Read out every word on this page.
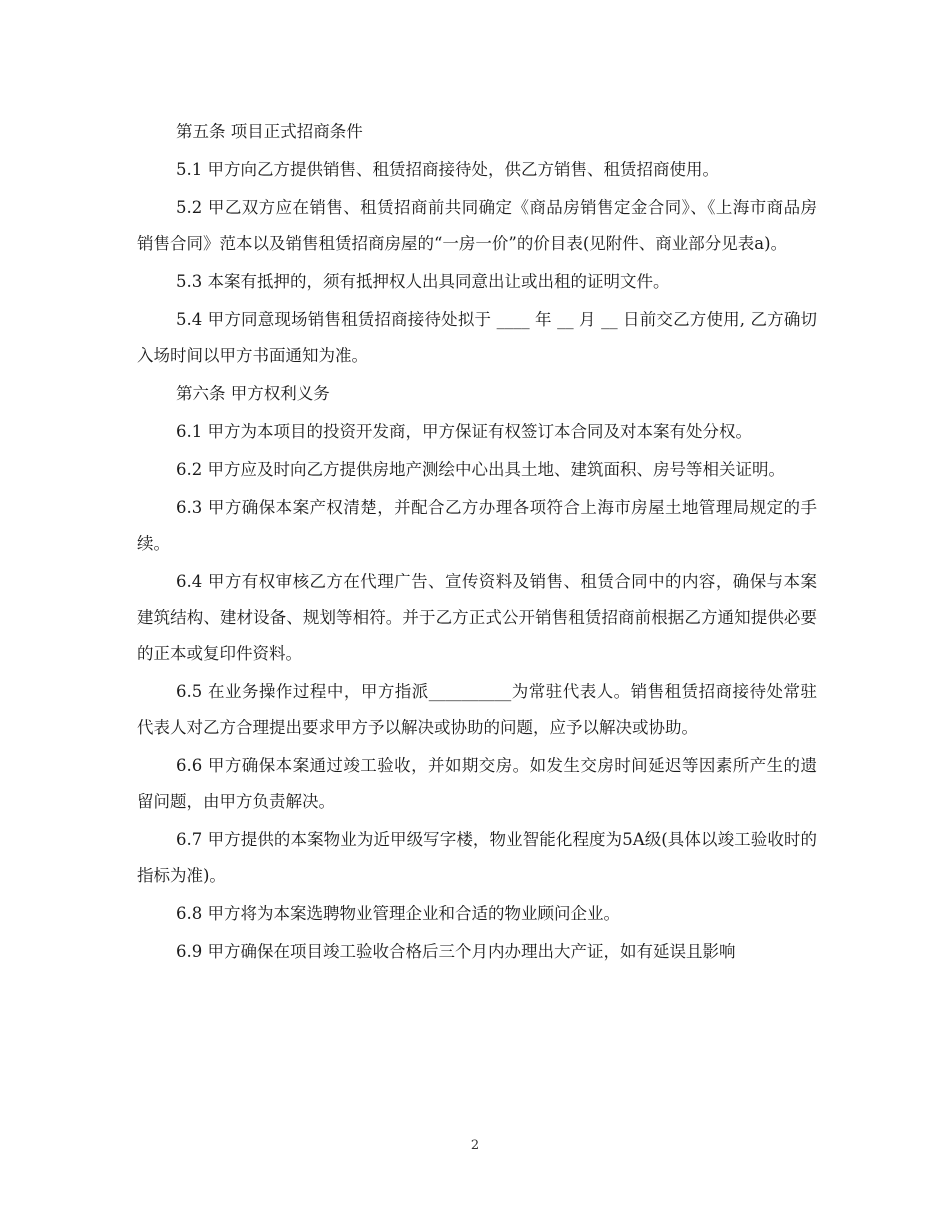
第五条 项目正式招商条件

5.1 甲方向乙方提供销售、租赁招商接待处，供乙方销售、租赁招商使用。

5.2 甲乙双方应在销售、租赁招商前共同确定《商品房销售定金合同》、《上海市商品房销售合同》范本以及销售租赁招商房屋的“一房一价”的价目表(见附件、商业部分见表a)。

5.3 本案有抵押的，须有抵押权人出具同意出让或出租的证明文件。

5.4 甲方同意现场销售租赁招商接待处拟于 ____ 年 __ 月 __ 日前交乙方使用, 乙方确切入场时间以甲方书面通知为准。

第六条 甲方权利义务

6.1 甲方为本项目的投资开发商，甲方保证有权签订本合同及对本案有处分权。

6.2 甲方应及时向乙方提供房地产测绘中心出具土地、建筑面积、房号等相关证明。

6.3 甲方确保本案产权清楚，并配合乙方办理各项符合上海市房屋土地管理局规定的手续。

6.4 甲方有权审核乙方在代理广告、宣传资料及销售、租赁合同中的内容，确保与本案建筑结构、建材设备、规划等相符。并于乙方正式公开销售租赁招商前根据乙方通知提供必要的正本或复印件资料。

6.5 在业务操作过程中，甲方指派__________为常驻代表人。销售租赁招商接待处常驻代表人对乙方合理提出要求甲方予以解决或协助的问题，应予以解决或协助。

6.6 甲方确保本案通过竣工验收，并如期交房。如发生交房时间延迟等因素所产生的遗留问题，由甲方负责解决。

6.7 甲方提供的本案物业为近甲级写字楼，物业智能化程度为5A级(具体以竣工验收时的指标为准)。

6.8 甲方将为本案选聘物业管理企业和合适的物业顾问企业。

6.9 甲方确保在项目竣工验收合格后三个月内办理出大产证，如有延误且影响

2
